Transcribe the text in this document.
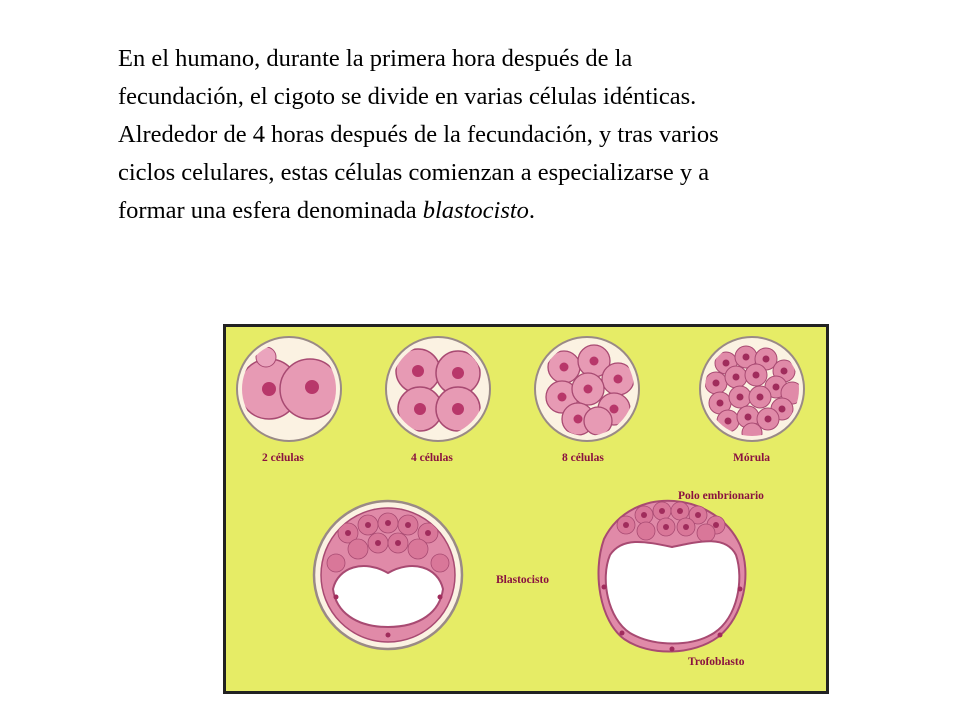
En el humano, durante la primera hora después de la
fecundación, el cigoto se divide en varias células idénticas.
Alrededor de 4 horas después de la fecundación, y tras varios
ciclos celulares, estas células comienzan a especializarse y a
formar una esfera denominada blastocisto.
2 células	4 células	8 células	Mórula
Blastocisto
Polo embrionario
Trofoblasto
